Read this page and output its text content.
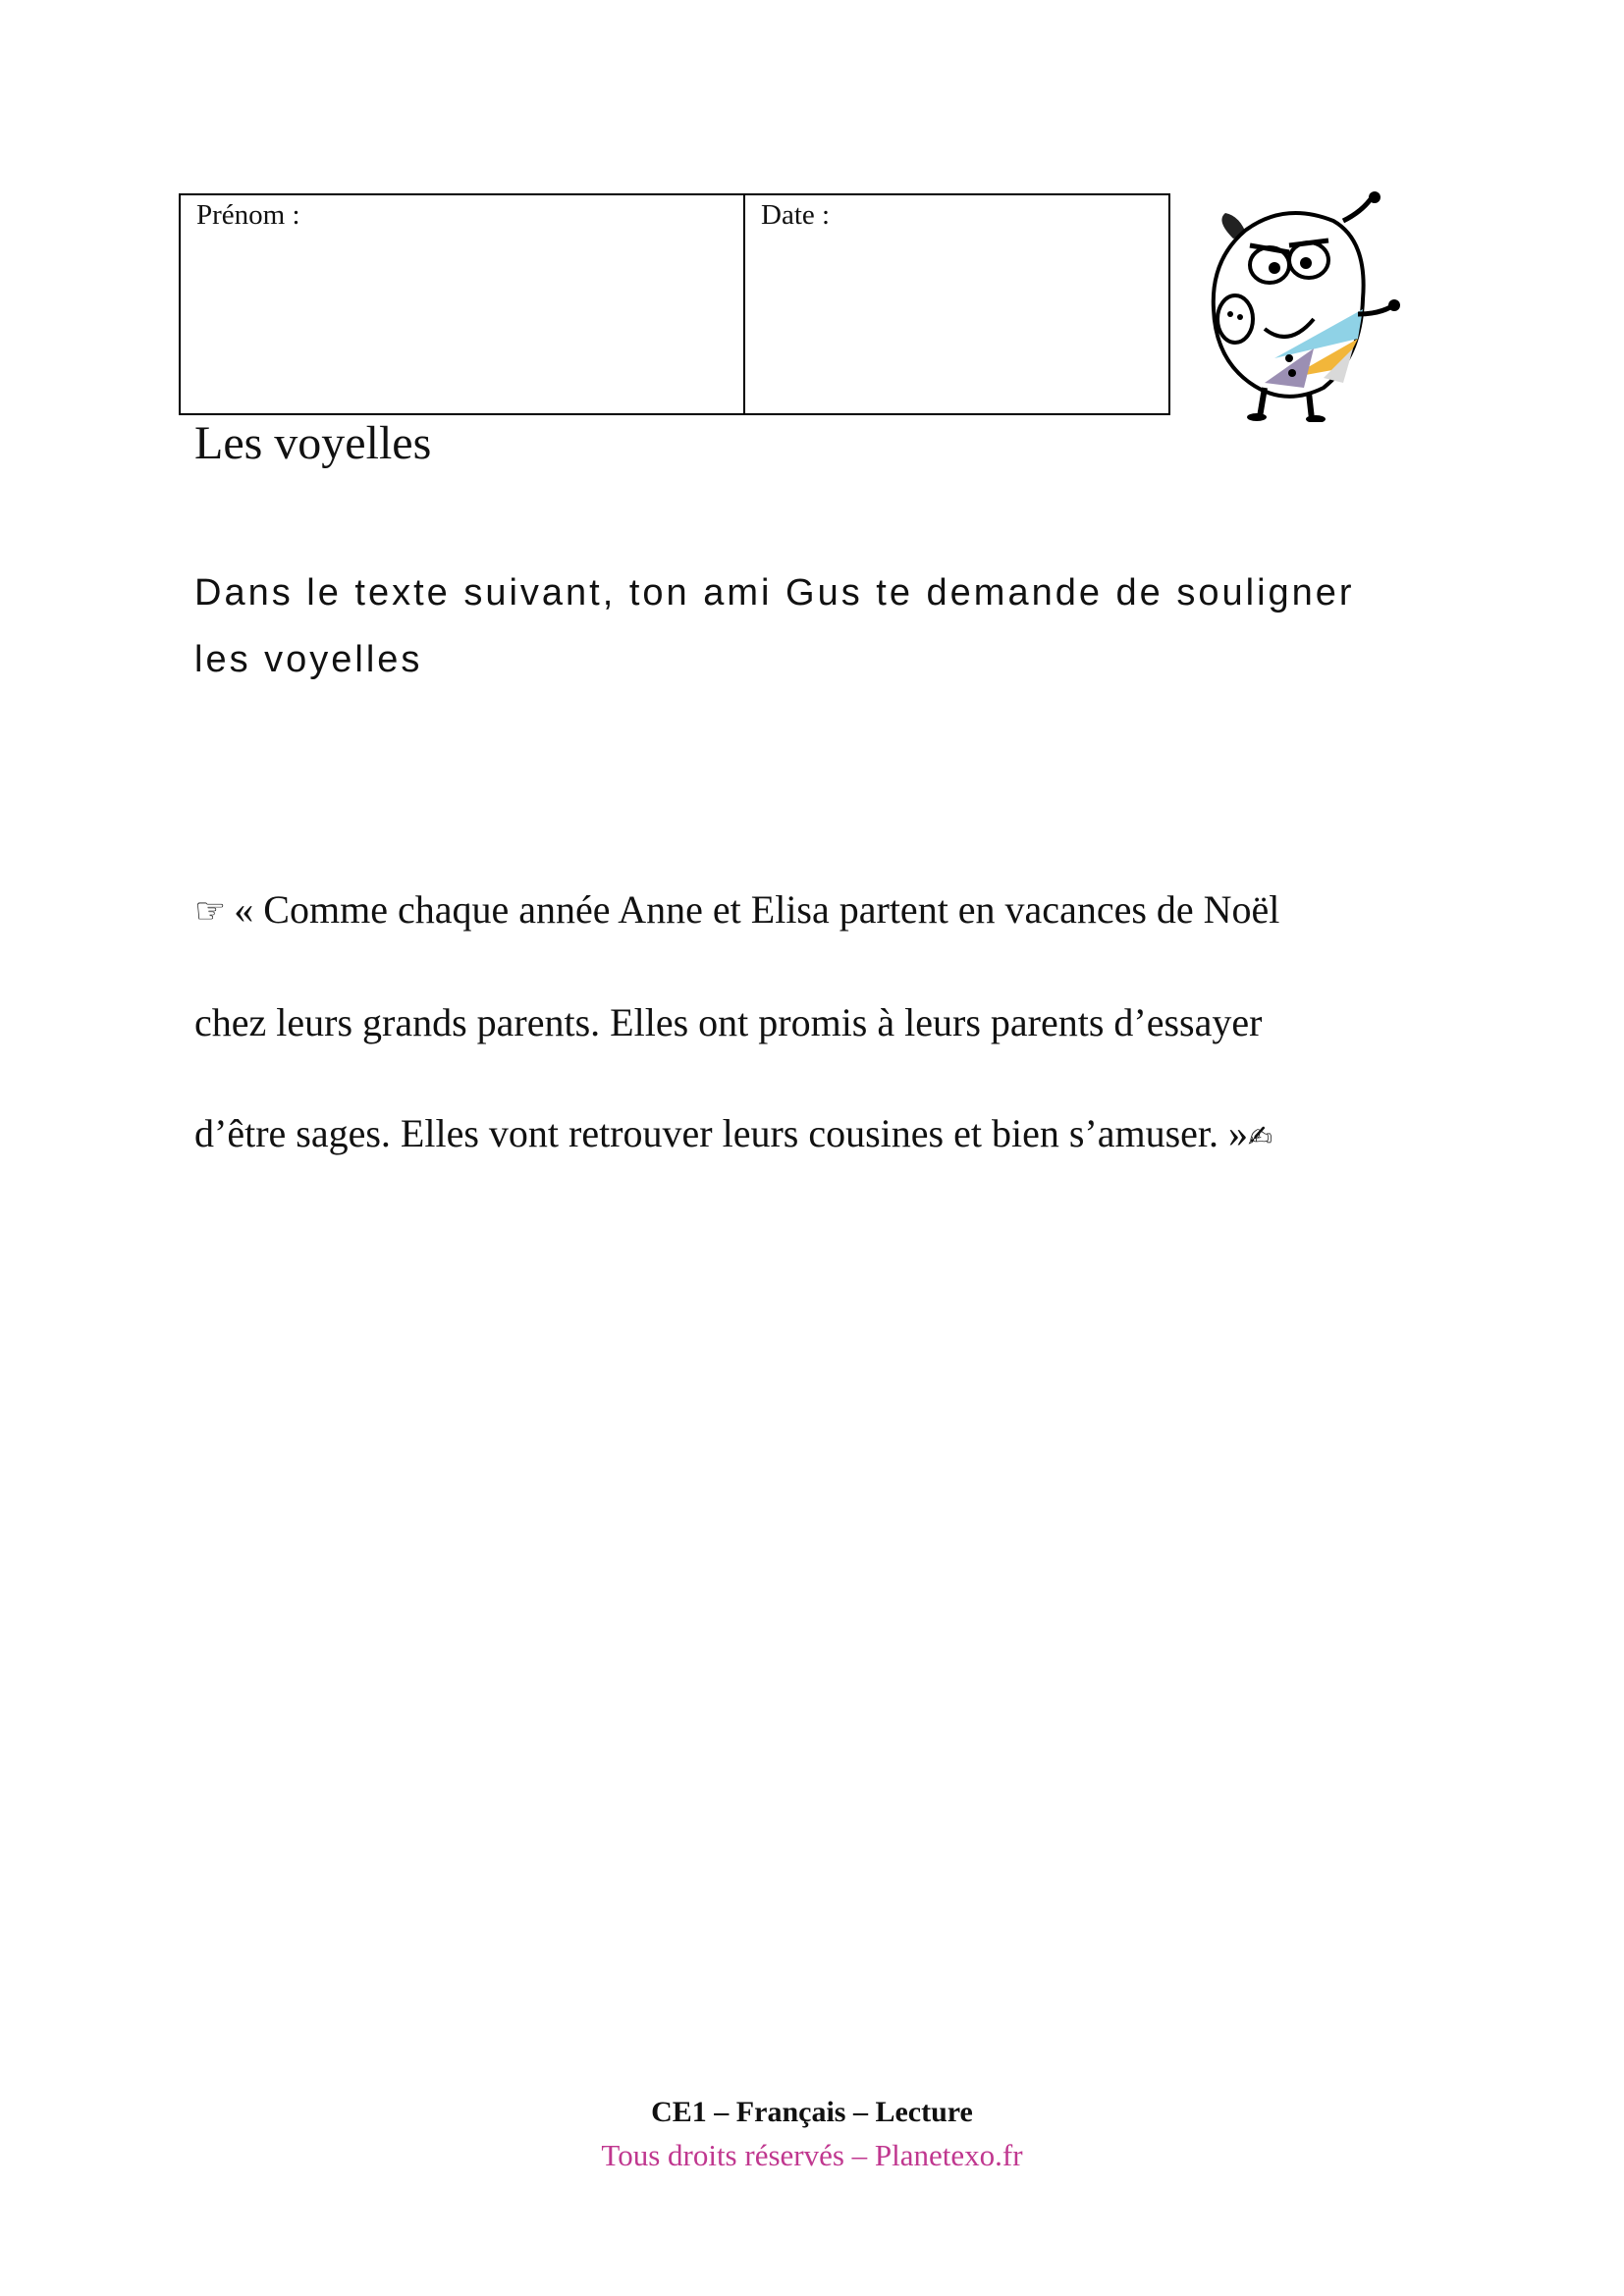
Prénom :	Date :
Les voyelles
Dans le texte suivant, ton ami Gus te demande de souligner
les voyelles
☞ « Comme chaque année Anne et Elisa partent en vacances de Noël
chez leurs grands parents. Elles ont promis à leurs parents d’essayer
d’être sages. Elles vont retrouver leurs cousines et bien s’amuser. »✍
CE1 – Français – Lecture
Tous droits réservés – Planetexo.fr
